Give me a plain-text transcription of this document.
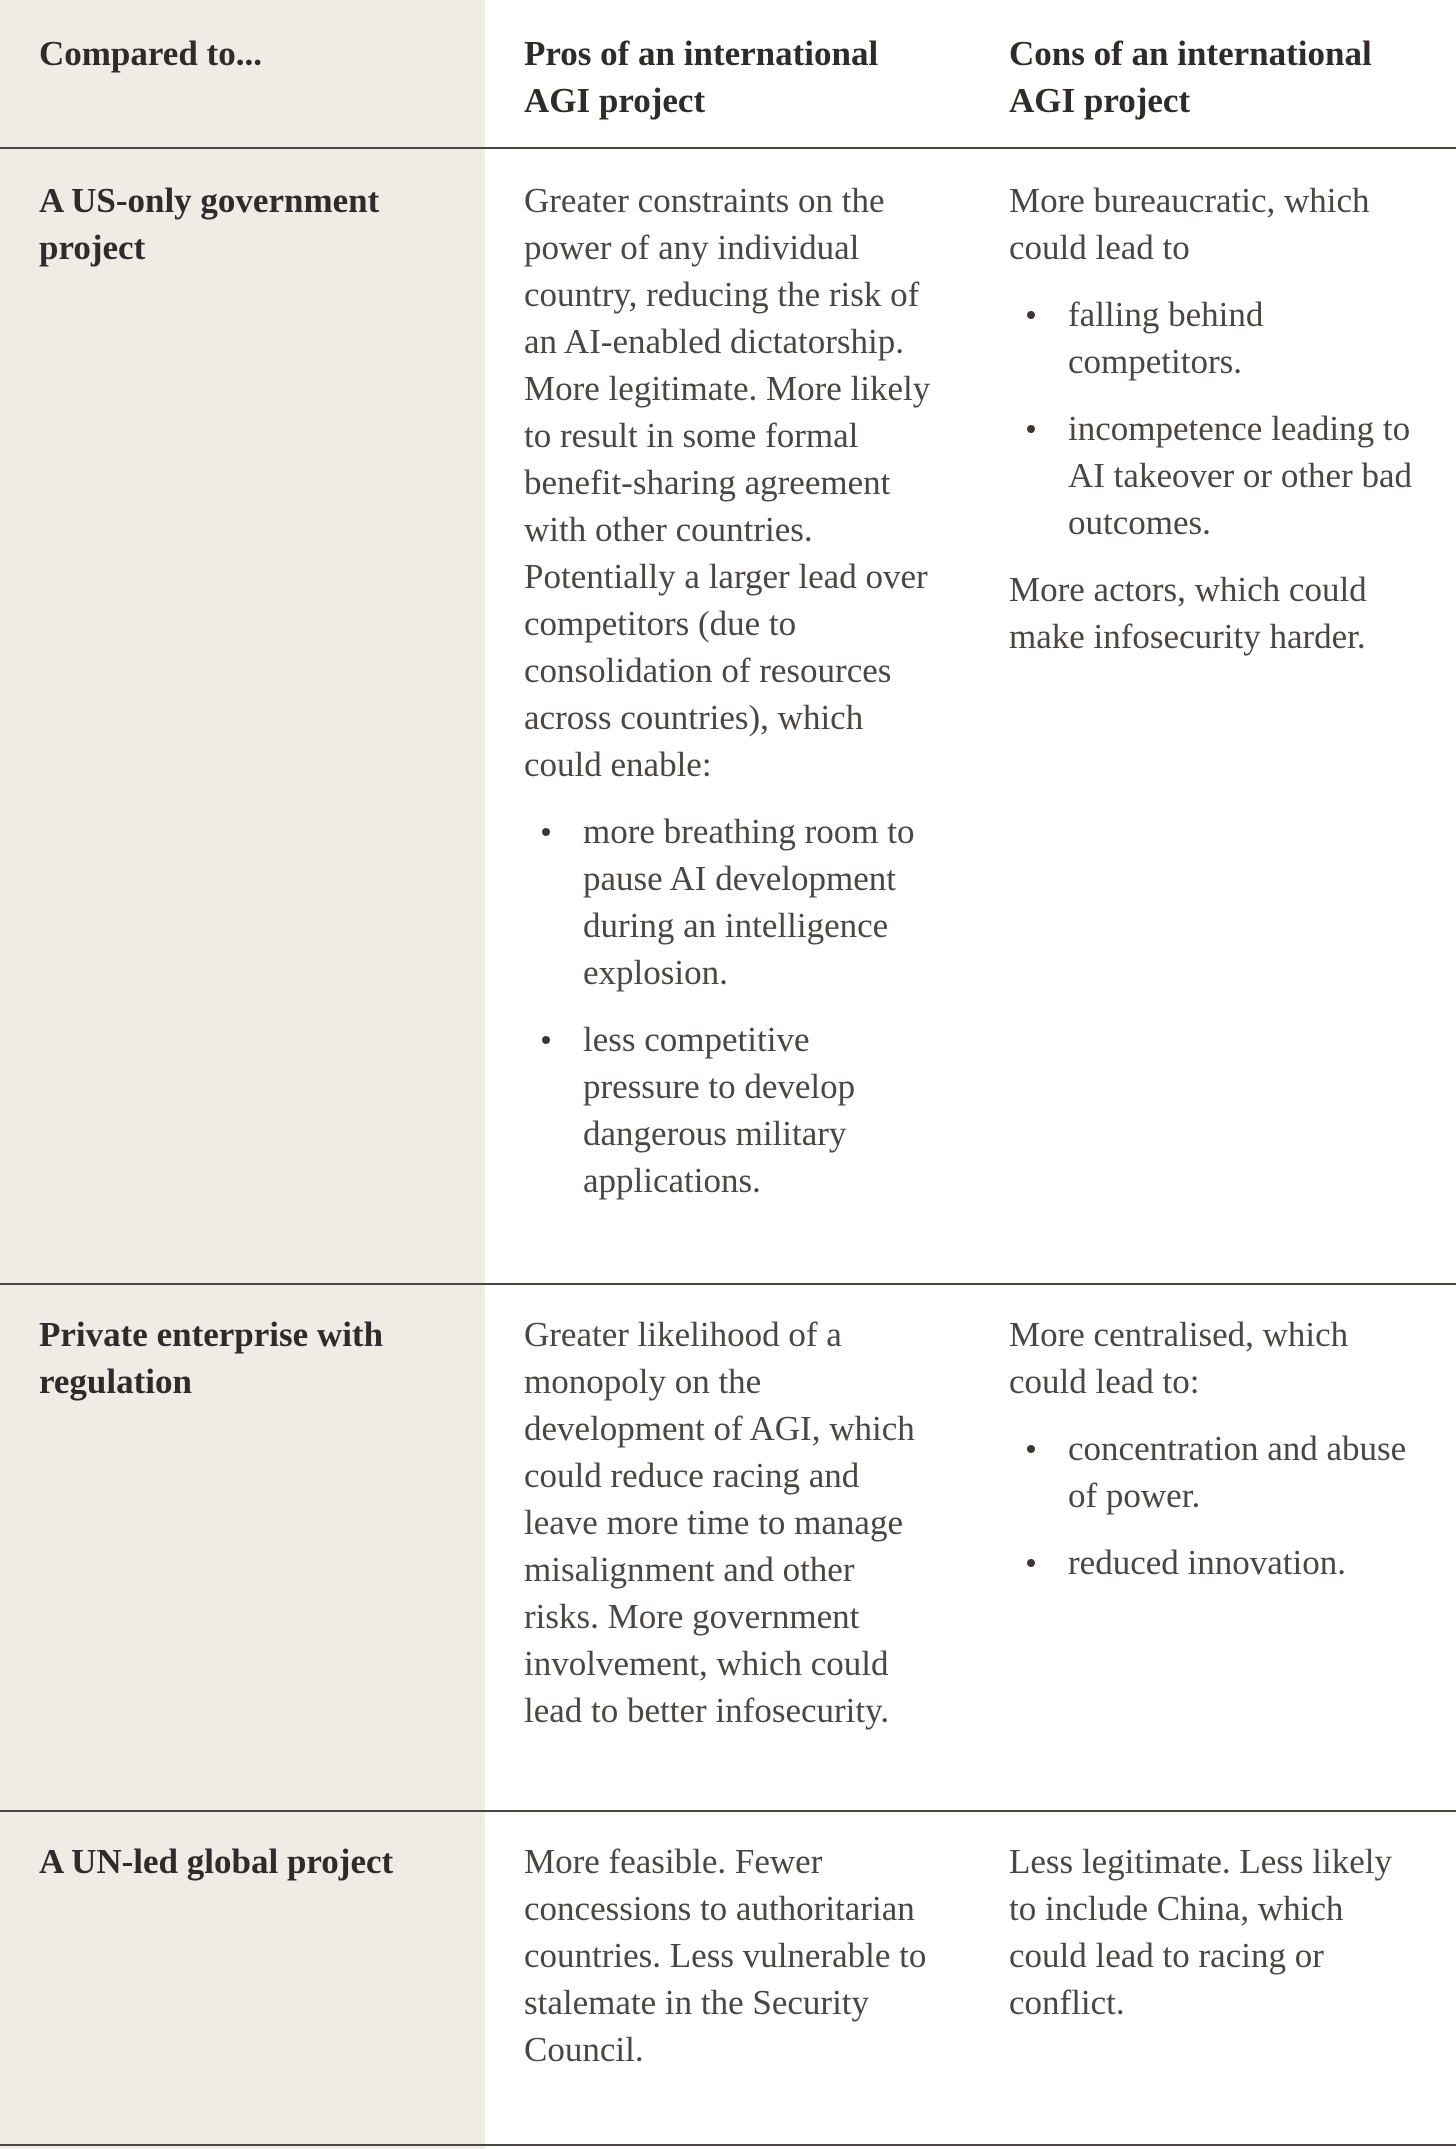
Compared to...	Pros of an international AGI project
Cons of an international AGI project
A US-only government project

Greater constraints on the power of any individual country, reducing the risk of an AI-enabled dictatorship. More legitimate. More likely to result in some formal benefit-sharing agreement with other countries. Potentially a larger lead over competitors (due to consolidation of resources across countries), which could enable:

more breathing room to pause AI development during an intelligence explosion.
less competitive pressure to develop dangerous military applications.

More bureaucratic, which could lead to

falling behind competitors.
incompetence leading to AI takeover or other bad outcomes.

More actors, which could make infosecurity harder.

Private enterprise with regulation

Greater likelihood of a monopoly on the development of AGI, which could reduce racing and leave more time to manage misalignment and other risks. More government involvement, which could lead to better infosecurity.

More centralised, which could lead to:

concentration and abuse of power.
reduced innovation.
A UN-led global project	More feasible. Fewer concessions to authoritarian countries. Less vulnerable to stalemate in the Security Council.

Less legitimate. Less likely to include China, which could lead to racing or conflict.
